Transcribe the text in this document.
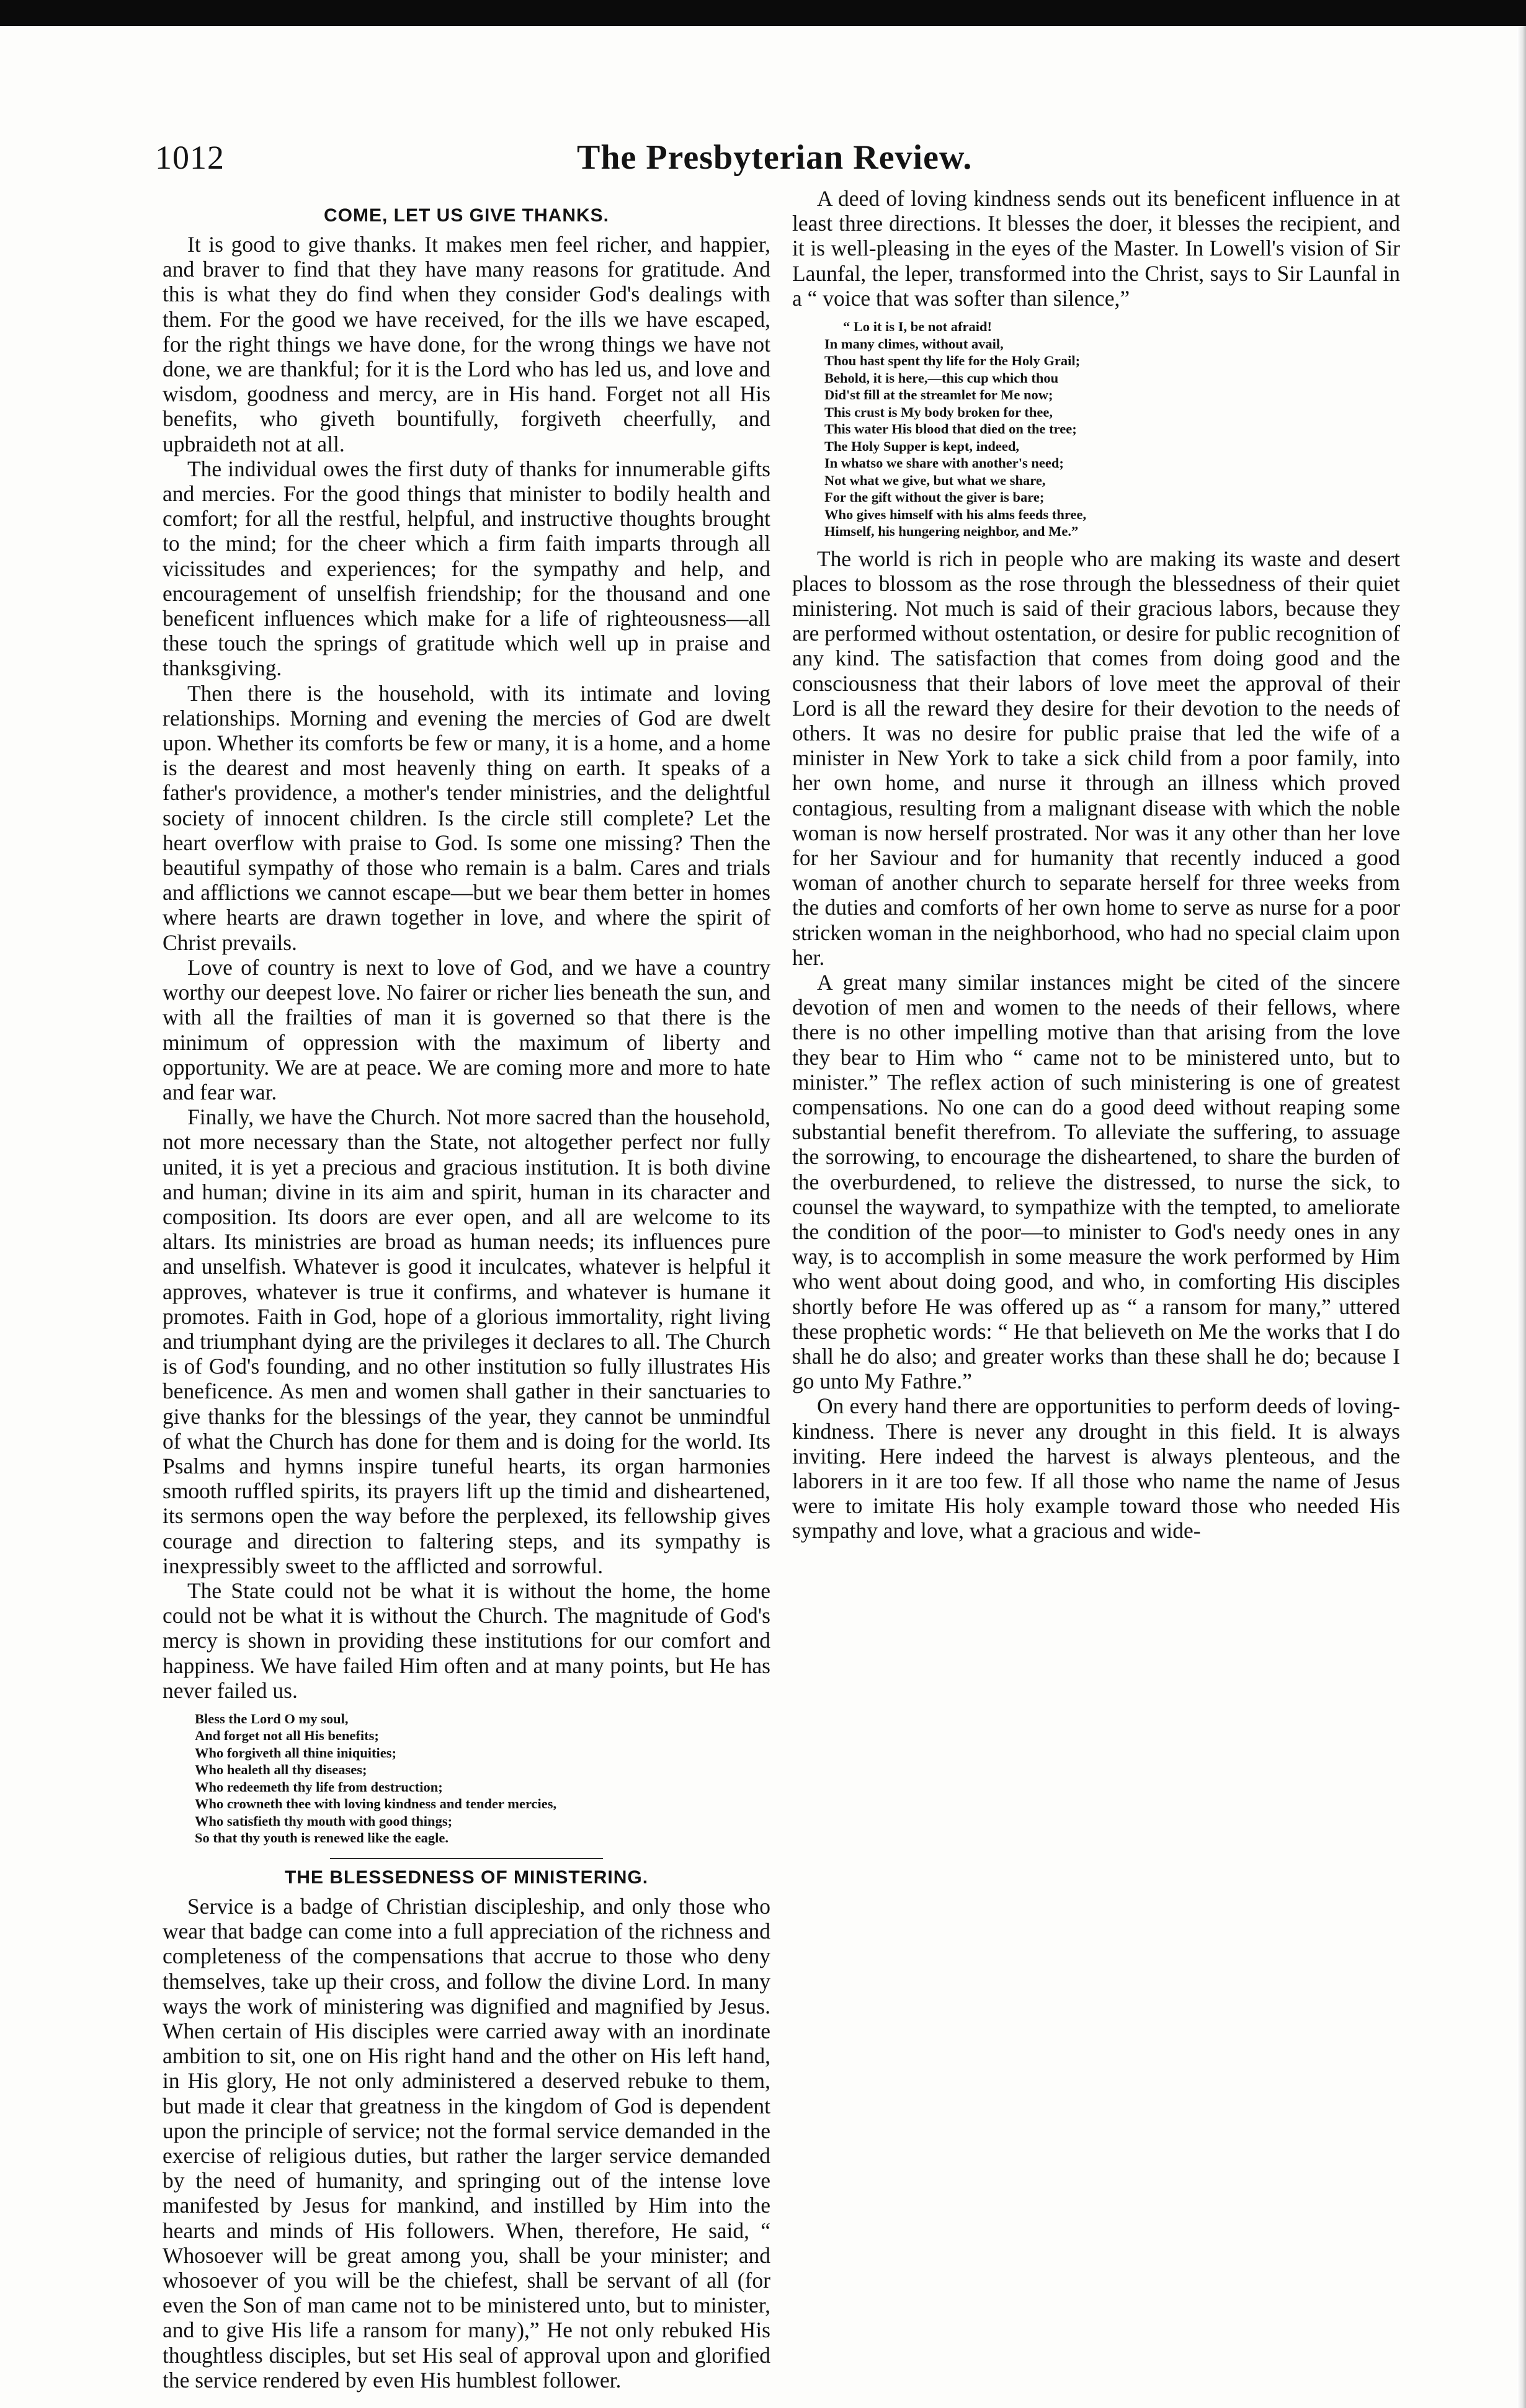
1012	The Presbyterian Review.
COME, LET US GIVE THANKS.

It is good to give thanks. It makes men feel richer, and happier, and braver to find that they have many reasons for gratitude. And this is what they do find when they consider God's dealings with them. For the good we have received, for the ills we have escaped, for the right things we have done, for the wrong things we have not done, we are thankful; for it is the Lord who has led us, and love and wisdom, goodness and mercy, are in His hand. Forget not all His benefits, who giveth bountifully, forgiveth cheerfully, and upbraideth not at all.

The individual owes the first duty of thanks for innumerable gifts and mercies. For the good things that minister to bodily health and comfort; for all the restful, helpful, and instructive thoughts brought to the mind; for the cheer which a firm faith imparts through all vicissitudes and experiences; for the sympathy and help, and encouragement of unselfish friendship; for the thousand and one beneficent influences which make for a life of righteousness—all these touch the springs of gratitude which well up in praise and thanksgiving.

Then there is the household, with its intimate and loving relationships. Morning and evening the mercies of God are dwelt upon. Whether its comforts be few or many, it is a home, and a home is the dearest and most heavenly thing on earth. It speaks of a father's providence, a mother's tender ministries, and the delightful society of innocent children. Is the circle still complete? Let the heart overflow with praise to God. Is some one missing? Then the beautiful sympathy of those who remain is a balm. Cares and trials and afflictions we cannot escape—but we bear them better in homes where hearts are drawn together in love, and where the spirit of Christ prevails.

Love of country is next to love of God, and we have a country worthy our deepest love. No fairer or richer lies beneath the sun, and with all the frailties of man it is governed so that there is the minimum of oppression with the maximum of liberty and opportunity. We are at peace. We are coming more and more to hate and fear war.

Finally, we have the Church. Not more sacred than the household, not more necessary than the State, not altogether perfect nor fully united, it is yet a precious and gracious institution. It is both divine and human; divine in its aim and spirit, human in its character and composition. Its doors are ever open, and all are welcome to its altars. Its ministries are broad as human needs; its influences pure and unselfish. Whatever is good it inculcates, whatever is helpful it approves, whatever is true it confirms, and whatever is humane it promotes. Faith in God, hope of a glorious immortality, right living and triumphant dying are the privileges it declares to all. The Church is of God's founding, and no other institution so fully illustrates His beneficence. As men and women shall gather in their sanctuaries to give thanks for the blessings of the year, they cannot be unmindful of what the Church has done for them and is doing for the world. Its Psalms and hymns inspire tuneful hearts, its organ harmonies smooth ruffled spirits, its prayers lift up the timid and disheartened, its sermons open the way before the perplexed, its fellowship gives courage and direction to faltering steps, and its sympathy is inexpressibly sweet to the afflicted and sorrowful.

The State could not be what it is without the home, the home could not be what it is without the Church. The magnitude of God's mercy is shown in providing these institutions for our comfort and happiness. We have failed Him often and at many points, but He has never failed us.

Bless the Lord O my soul,
And forget not all His benefits;
Who forgiveth all thine iniquities;
Who healeth all thy diseases;
Who redeemeth thy life from destruction;
Who crowneth thee with loving kindness and tender mercies,
Who satisfieth thy mouth with good things;
So that thy youth is renewed like the eagle.
THE BLESSEDNESS OF MINISTERING.

Service is a badge of Christian discipleship, and only those who wear that badge can come into a full appreciation of the richness and completeness of the compensations that accrue to those who deny themselves, take up their cross, and follow the divine Lord. In many ways the work of ministering was dignified and magnified by Jesus. When certain of His disciples were carried away with an inordinate ambition to sit, one on His right hand and the other on His left hand, in His glory, He not only administered a deserved rebuke to them, but made it clear that greatness in the kingdom of God is dependent upon the principle of service; not the formal service demanded in the exercise of religious duties, but rather the larger service demanded by the need of humanity, and springing out of the intense love manifested by Jesus for mankind, and instilled by Him into the hearts and minds of His followers. When, therefore, He said, “ Whosoever will be great among you, shall be your minister; and whosoever of you will be the chiefest, shall be servant of all (for even the Son of man came not to be ministered unto, but to minister, and to give His life a ransom for many),” He not only rebuked His thoughtless disciples, but set His seal of approval upon and glorified the service rendered by even His humblest follower.

A deed of loving kindness sends out its beneficent influence in at least three directions. It blesses the doer, it blesses the recipient, and it is well-pleasing in the eyes of the Master. In Lowell's vision of Sir Launfal, the leper, transformed into the Christ, says to Sir Launfal in a “ voice that was softer than silence,”

“ Lo it is I, be not afraid!
In many climes, without avail,
Thou hast spent thy life for the Holy Grail;
Behold, it is here,—this cup which thou
Did'st fill at the streamlet for Me now;
This crust is My body broken for thee,
This water His blood that died on the tree;
The Holy Supper is kept, indeed,
In whatso we share with another's need;
Not what we give, but what we share,
For the gift without the giver is bare;
Who gives himself with his alms feeds three,
Himself, his hungering neighbor, and Me.”

The world is rich in people who are making its waste and desert places to blossom as the rose through the blessedness of their quiet ministering. Not much is said of their gracious labors, because they are performed without ostentation, or desire for public recognition of any kind. The satisfaction that comes from doing good and the consciousness that their labors of love meet the approval of their Lord is all the reward they desire for their devotion to the needs of others. It was no desire for public praise that led the wife of a minister in New York to take a sick child from a poor family, into her own home, and nurse it through an illness which proved contagious, resulting from a malignant disease with which the noble woman is now herself prostrated. Nor was it any other than her love for her Saviour and for humanity that recently induced a good woman of another church to separate herself for three weeks from the duties and comforts of her own home to serve as nurse for a poor stricken woman in the neighborhood, who had no special claim upon her.

A great many similar instances might be cited of the sincere devotion of men and women to the needs of their fellows, where there is no other impelling motive than that arising from the love they bear to Him who “ came not to be ministered unto, but to minister.” The reflex action of such ministering is one of greatest compensations. No one can do a good deed without reaping some substantial benefit therefrom. To alleviate the suffering, to assuage the sorrowing, to encourage the disheartened, to share the burden of the overburdened, to relieve the distressed, to nurse the sick, to counsel the wayward, to sympathize with the tempted, to ameliorate the condition of the poor—to minister to God's needy ones in any way, is to accomplish in some measure the work performed by Him who went about doing good, and who, in comforting His disciples shortly before He was offered up as “ a ransom for many,” uttered these prophetic words: “ He that believeth on Me the works that I do shall he do also; and greater works than these shall he do; because I go unto My Fathre.”

On every hand there are opportunities to perform deeds of loving-kindness. There is never any drought in this field. It is always inviting. Here indeed the harvest is always plenteous, and the laborers in it are too few. If all those who name the name of Jesus were to imitate His holy example toward those who needed His sympathy and love, what a gracious and wide-
